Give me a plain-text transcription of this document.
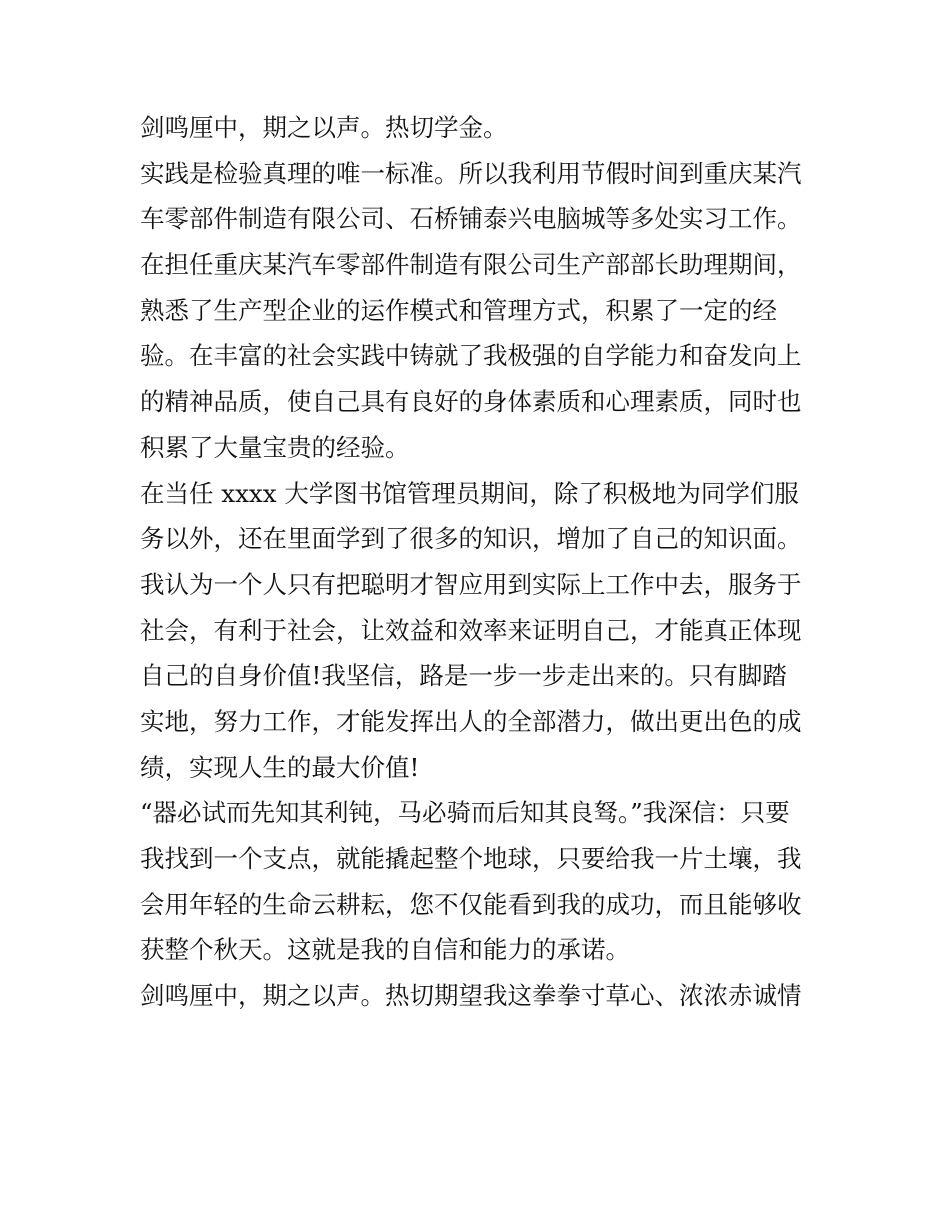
剑鸣厘中，期之以声。热切学金。
实践是检验真理的唯一标准。所以我利用节假时间到重庆某汽
车零部件制造有限公司、石桥铺泰兴电脑城等多处实习工作。
在担任重庆某汽车零部件制造有限公司生产部部长助理期间，
熟悉了生产型企业的运作模式和管理方式，积累了一定的经
验。在丰富的社会实践中铸就了我极强的自学能力和奋发向上
的精神品质，使自己具有良好的身体素质和心理素质，同时也
积累了大量宝贵的经验。
在当任 xxxx 大学图书馆管理员期间，除了积极地为同学们服
务以外，还在里面学到了很多的知识，增加了自己的知识面。
我认为一个人只有把聪明才智应用到实际上工作中去，服务于
社会，有利于社会，让效益和效率来证明自己，才能真正体现
自己的自身价值!我坚信，路是一步一步走出来的。只有脚踏
实地，努力工作，才能发挥出人的全部潜力，做出更出色的成
绩，实现人生的最大价值!
“器必试而先知其利钝，马必骑而后知其良驽。”我深信：只要
我找到一个支点，就能撬起整个地球，只要给我一片土壤，我
会用年轻的生命云耕耘，您不仅能看到我的成功，而且能够收
获整个秋天。这就是我的自信和能力的承诺。
剑鸣厘中，期之以声。热切期望我这拳拳寸草心、浓浓赤诚情
